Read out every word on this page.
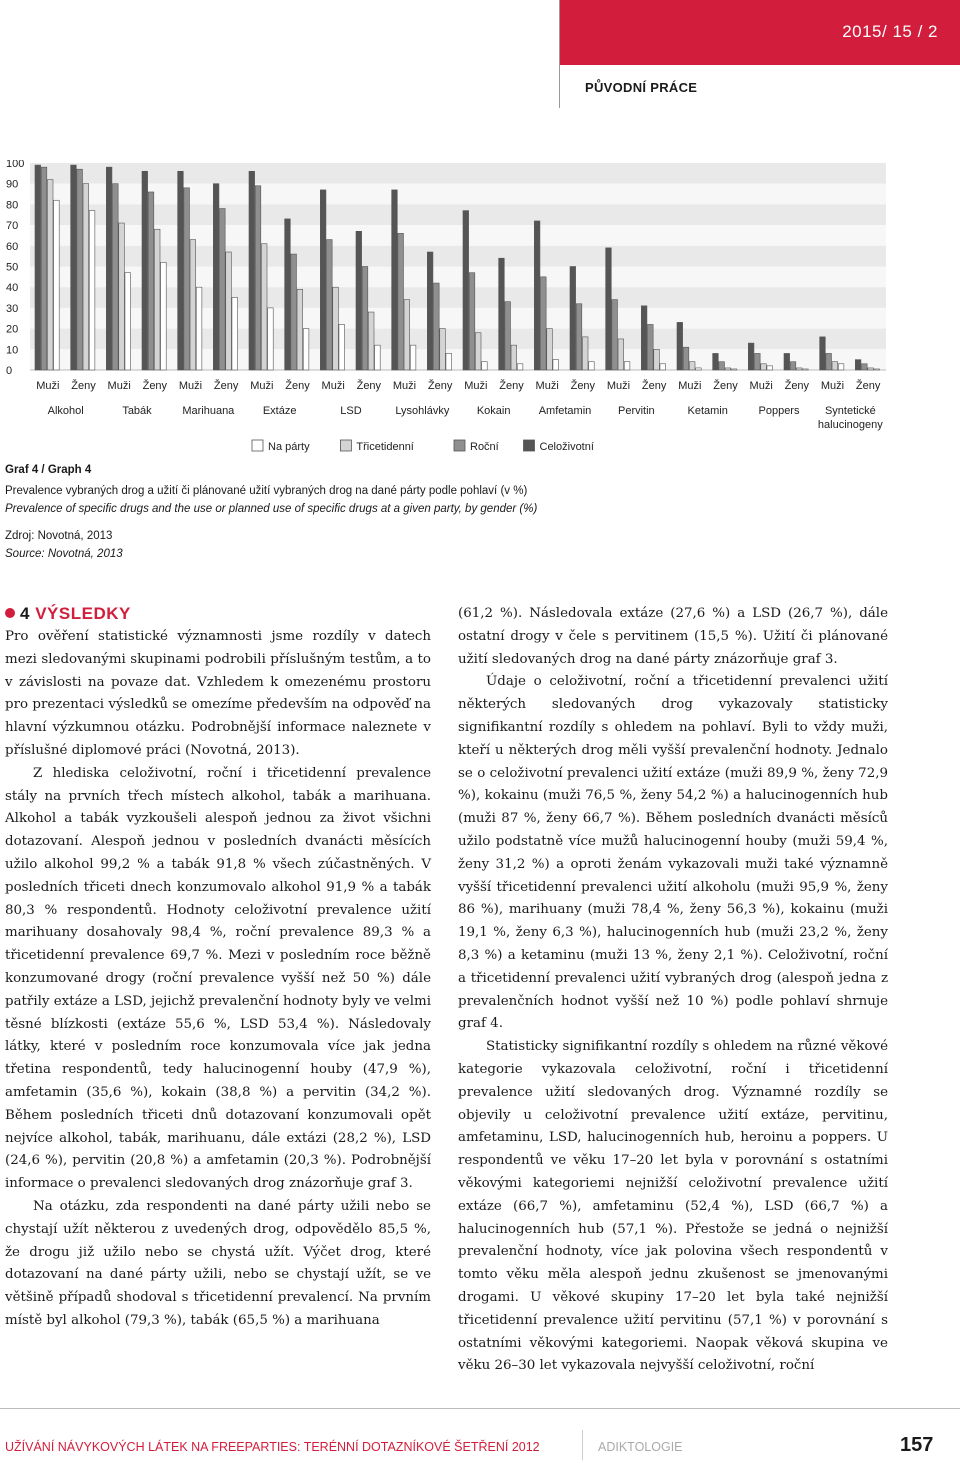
2015/ 15 / 2
PŮVODNÍ PRÁCE
100
90
80
70
60
50
40
30
20
10
0
Muži Ženy Muži Ženy Muži Ženy Muži Ženy Muži Ženy Muži Ženy Muži Ženy Muži Ženy Muži Ženy Muži Ženy Muži Ženy Muži Ženy
Alkohol	Tabák	Marihuana	Extáze	LSD	Lysohlávky	Kokain	Amfetamin Pervitin	Ketamin	Poppers Syntetické
halucinogeny
Na párty	Třicetidenní	Roční	Celoživotní
Graf 4 / Graph 4
Prevalence vybraných drog a užití či plánované užití vybraných drog na dané párty podle pohlaví (v %)
Prevalence of specific drugs and the use or planned use of specific drugs at a given party, by gender (%)
Zdroj: Novotná, 2013
Source: Novotná, 2013
4 VÝSLEDKY

Pro ověření statistické významnosti jsme rozdíly v datech mezi sledovanými skupinami podrobili příslušným testům, a to v závislosti na povaze dat. Vzhledem k omezenému prostoru pro prezentaci výsledků se omezíme především na odpověď na hlavní výzkumnou otázku. Podrobnější informace naleznete v příslušné diplomové práci (Novotná, 2013).

Z hlediska celoživotní, roční i třicetidenní prevalence stály na prvních třech místech alkohol, tabák a marihuana. Alkohol a tabák vyzkoušeli alespoň jednou za život všichni dotazovaní. Alespoň jednou v posledních dvanácti měsících užilo alkohol 99,2 % a tabák 91,8 % všech zúčastněných. V posledních třiceti dnech konzumovalo alkohol 91,9 % a tabák 80,3 % respondentů. Hodnoty celoživotní prevalence užití marihuany dosahovaly 98,4 %, roční prevalence 89,3 % a třicetidenní prevalence 69,7 %. Mezi v posledním roce běžně konzumované drogy (roční prevalence vyšší než 50 %) dále patřily extáze a LSD, jejichž prevalenční hodnoty byly ve velmi těsné blízkosti (extáze 55,6 %, LSD 53,4 %). Následovaly látky, které v posledním roce konzumovala více jak jedna třetina respondentů, tedy halucinogenní houby (47,9 %), amfetamin (35,6 %), kokain (38,8 %) a pervitin (34,2 %). Během posledních třiceti dnů dotazovaní konzumovali opět nejvíce alkohol, tabák, marihuanu, dále extázi (28,2 %), LSD (24,6 %), pervitin (20,8 %) a amfetamin (20,3 %). Podrobnější informace o prevalenci sledovaných drog znázorňuje graf 3.

Na otázku, zda respondenti na dané párty užili nebo se chystají užít některou z uvedených drog, odpovědělo 85,5 %, že drogu již užilo nebo se chystá užít. Výčet drog, které dotazovaní na dané párty užili, nebo se chystají užít, se ve většině případů shodoval s třicetidenní prevalencí. Na prvním místě byl alkohol (79,3 %), tabák (65,5 %) a marihuana

(61,2 %). Následovala extáze (27,6 %) a LSD (26,7 %), dále ostatní drogy v čele s pervitinem (15,5 %). Užití či plánované užití sledovaných drog na dané párty znázorňuje graf 3.

Údaje o celoživotní, roční a třicetidenní prevalenci užití některých sledovaných drog vykazovaly statisticky signifikantní rozdíly s ohledem na pohlaví. Byli to vždy muži, kteří u některých drog měli vyšší prevalenční hodnoty. Jednalo se o celoživotní prevalenci užití extáze (muži 89,9 %, ženy 72,9 %), kokainu (muži 76,5 %, ženy 54,2 %) a halucinogenních hub (muži 87 %, ženy 66,7 %). Během posledních dvanácti měsíců užilo podstatně více mužů halucinogenní houby (muži 59,4 %, ženy 31,2 %) a oproti ženám vykazovali muži také významně vyšší třicetidenní prevalenci užití alkoholu (muži 95,9 %, ženy 86 %), marihuany (muži 78,4 %, ženy 56,3 %), kokainu (muži 19,1 %, ženy 6,3 %), halucinogenních hub (muži 23,2 %, ženy 8,3 %) a ketaminu (muži 13 %, ženy 2,1 %). Celoživotní, roční a třicetidenní prevalenci užití vybraných drog (alespoň jedna z prevalenčních hodnot vyšší než 10 %) podle pohlaví shrnuje graf 4.

Statisticky signifikantní rozdíly s ohledem na různé věkové kategorie vykazovala celoživotní, roční i třicetidenní prevalence užití sledovaných drog. Významné rozdíly se objevily u celoživotní prevalence užití extáze, pervitinu, amfetaminu, LSD, halucinogenních hub, heroinu a poppers. U respondentů ve věku 17–20 let byla v porovnání s ostatními věkovými kategoriemi nejnižší celoživotní prevalence užití extáze (66,7 %), amfetaminu (52,4 %), LSD (66,7 %) a halucinogenních hub (57,1 %). Přestože se jedná o nejnižší prevalenční hodnoty, více jak polovina všech respondentů v tomto věku měla alespoň jednu zkušenost se jmenovanými drogami. U věkové skupiny 17–20 let byla také nejnižší třicetidenní prevalence užití pervitinu (57,1 %) v porovnání s ostatními věkovými kategoriemi. Naopak věková skupina ve věku 26–30 let vykazovala nejvyšší celoživotní, roční

UŽÍVÁNÍ NÁVYKOVÝCH LÁTEK NA FREEPARTIES: TERÉNNÍ DOTAZNÍKOVÉ ŠETŘENÍ 2012	ADIKTOLOGIE	157
